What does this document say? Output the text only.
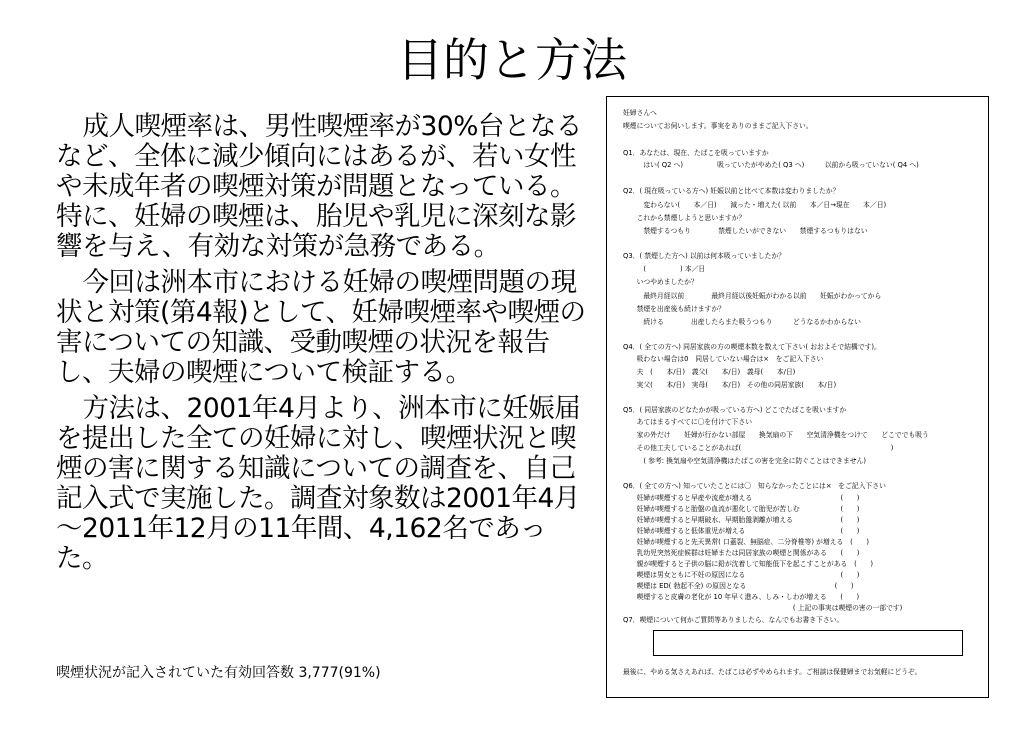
目的と方法

成人喫煙率は、男性喫煙率が30%台となるなど、全体に減少傾向にはあるが、若い女性や未成年者の喫煙対策が問題となっている。特に、妊婦の喫煙は、胎児や乳児に深刻な影響を与え、有効な対策が急務である。

今回は洲本市における妊婦の喫煙問題の現状と対策(第4報)として、妊婦喫煙率や喫煙の害についての知識、受動喫煙の状況を報告し、夫婦の喫煙について検証する。

方法は、2001年4月より、洲本市に妊娠届を提出した全ての妊婦に対し、喫煙状況と喫煙の害に関する知識についての調査を、自己記入式で実施した。調査対象数は2001年4月～2011年12月の11年間、4,162名であった。

喫煙状況が記入されていた有効回答数 3,777(91%)
妊婦さんへ
喫煙についてお伺いします。事実をありのままご記入下さい。
Q1．あなたは、現在、たばこを吸っていますか
　　　はい( Q2 へ)　　　　　吸っていたがやめた( Q3 へ)　　　以前から吸っていない( Q4 へ)
Q2．( 現在吸っている方へ) 妊娠以前と比べて本数は変わりましたか？
　　　変わらない(　　本／日)　　減った・増えた( 以前　　本／日→現在　　本／日)
　　これから禁煙しようと思いますか？
　　　禁煙するつもり　　　　禁煙したいができない　　禁煙するつもりはない
Q3．( 禁煙した方へ) 以前は何本吸っていましたか？
　　　(　　　　　) 本／日
　　いつやめましたか？
　　　最終月経以前　　　　最終月経以後妊娠がわかる以前　　妊娠がわかってから
　　禁煙を出産後も続けますか？
　　　続ける　　　　出産したらまた吸うつもり　　　どうなるかわからない
Q4．( 全ての方へ) 同居家族の方の喫煙本数を数えて下さい( おおよそで結構です)。
　　吸わない場合は0　同居していない場合は×　をご記入下さい
　　夫　(　　本/日)　義父(　　本/日)　義母(　　本/日)
　　実父(　　本/日)　実母(　　本/日)　その他の同居家族(　　本/日)
Q5．( 同居家族のどなたかが吸っている方へ) どこでたばこを吸いますか
　　あてはまるすべてに〇を付けて下さい
　　家の外だけ　　妊婦が行かない部屋　　換気扇の下　　空気清浄機をつけて　　どこででも吸う
　　その他工夫していることがあれば(　　　　　　　　　　　　　　　　　　　　　　)
　　　( 参考: 換気扇や空気清浄機はたばこの害を完全に防ぐことはできません)
Q6．( 全ての方へ) 知っていたことには〇　知らなかったことには×　をご記入下さい
　　妊婦が喫煙すると早産や流産が増える　　　　　　　　　　　　　(　　)
　　妊婦が喫煙すると胎盤の血流が悪化して胎児が苦しむ　　　　　　(　　)
　　妊婦が喫煙すると早期破水、早期胎盤剥離が増える　　　　　　　(　　)
　　妊婦が喫煙すると低体重児が増える　　　　　　　　　　　　　　(　　)
　　妊婦が喫煙すると先天異常( 口蓋裂、無脳症、二分脊椎等) が増える　(　　)
　　乳幼児突然死症候群は妊婦または同居家族の喫煙と関係がある　　(　　)
　　親が喫煙すると子供の脳に鉛が沈着して知能低下を起こすことがある　(　　)
　　喫煙は男女ともに不妊の原因になる　　　　　　　　　　　　　　(　　)
　　喫煙は ED( 勃起不全) の原因となる　　　　　　　　　　　　　(　　)
　　喫煙すると皮膚の老化が 10 年早く進み、しみ・しわが増える　　(　　)
　　　　　　　　　　　　　　　　　　　　　　　　　( 上記の事実は喫煙の害の一部です)
Q7．喫煙について何かご質問等ありましたら、なんでもお書き下さい。
最後に、やめる気さえあれば、たばこは必ずやめられます。ご相談は保健婦までお気軽にどうぞ。
